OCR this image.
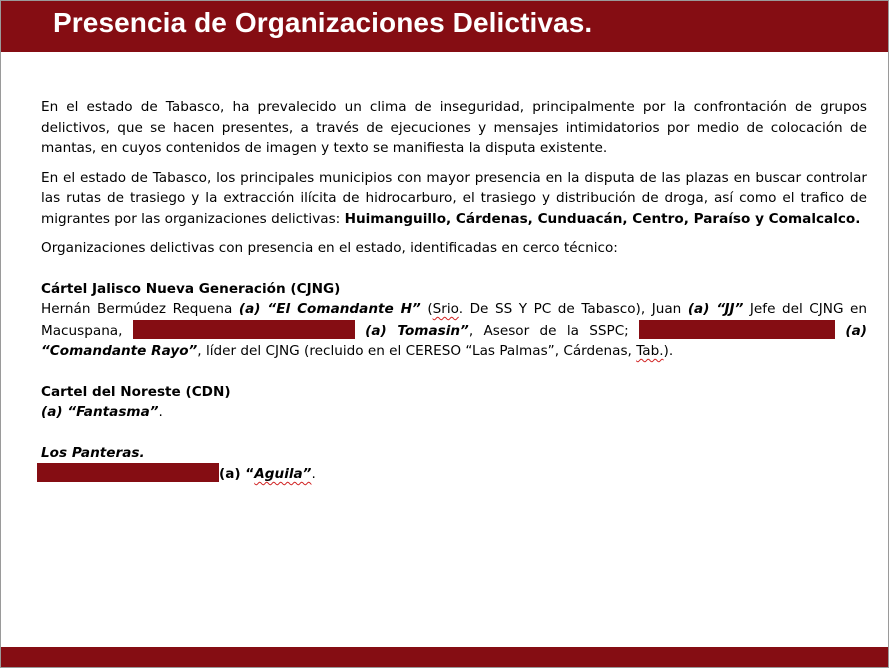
Presencia de Organizaciones Delictivas.

En el estado de Tabasco, ha prevalecido un clima de inseguridad, principalmente por la confrontación de grupos delictivos, que se hacen presentes, a través de ejecuciones y mensajes intimidatorios por medio de colocación de mantas, en cuyos contenidos de imagen y texto se manifiesta la disputa existente.

En el estado de Tabasco, los principales municipios con mayor presencia en la disputa de las plazas en buscar controlar las rutas de trasiego y la extracción ilícita de hidrocarburo, el trasiego y distribución de droga, así como el trafico de migrantes por las organizaciones delictivas: Huimanguillo, Cárdenas, Cunduacán, Centro, Paraíso y Comalcalco.

Organizaciones delictivas con presencia en el estado, identificadas en cerco técnico:

Cártel Jalisco Nueva Generación (CJNG)
Hernán Bermúdez Requena (a) “El Comandante H” (Srio. De SS Y PC de Tabasco), Juan (a) “JJ” Jefe del CJNG en
Macuspana,	(a) Tomasin”, Asesor de la SSPC;	(a)
“Comandante Rayo”, líder del CJNG (recluido en el CERESO “Las Palmas”, Cárdenas, Tab.).
Cartel del Noreste (CDN)
(a) “Fantasma”.
Los Panteras.
(a) “Aguila”.
